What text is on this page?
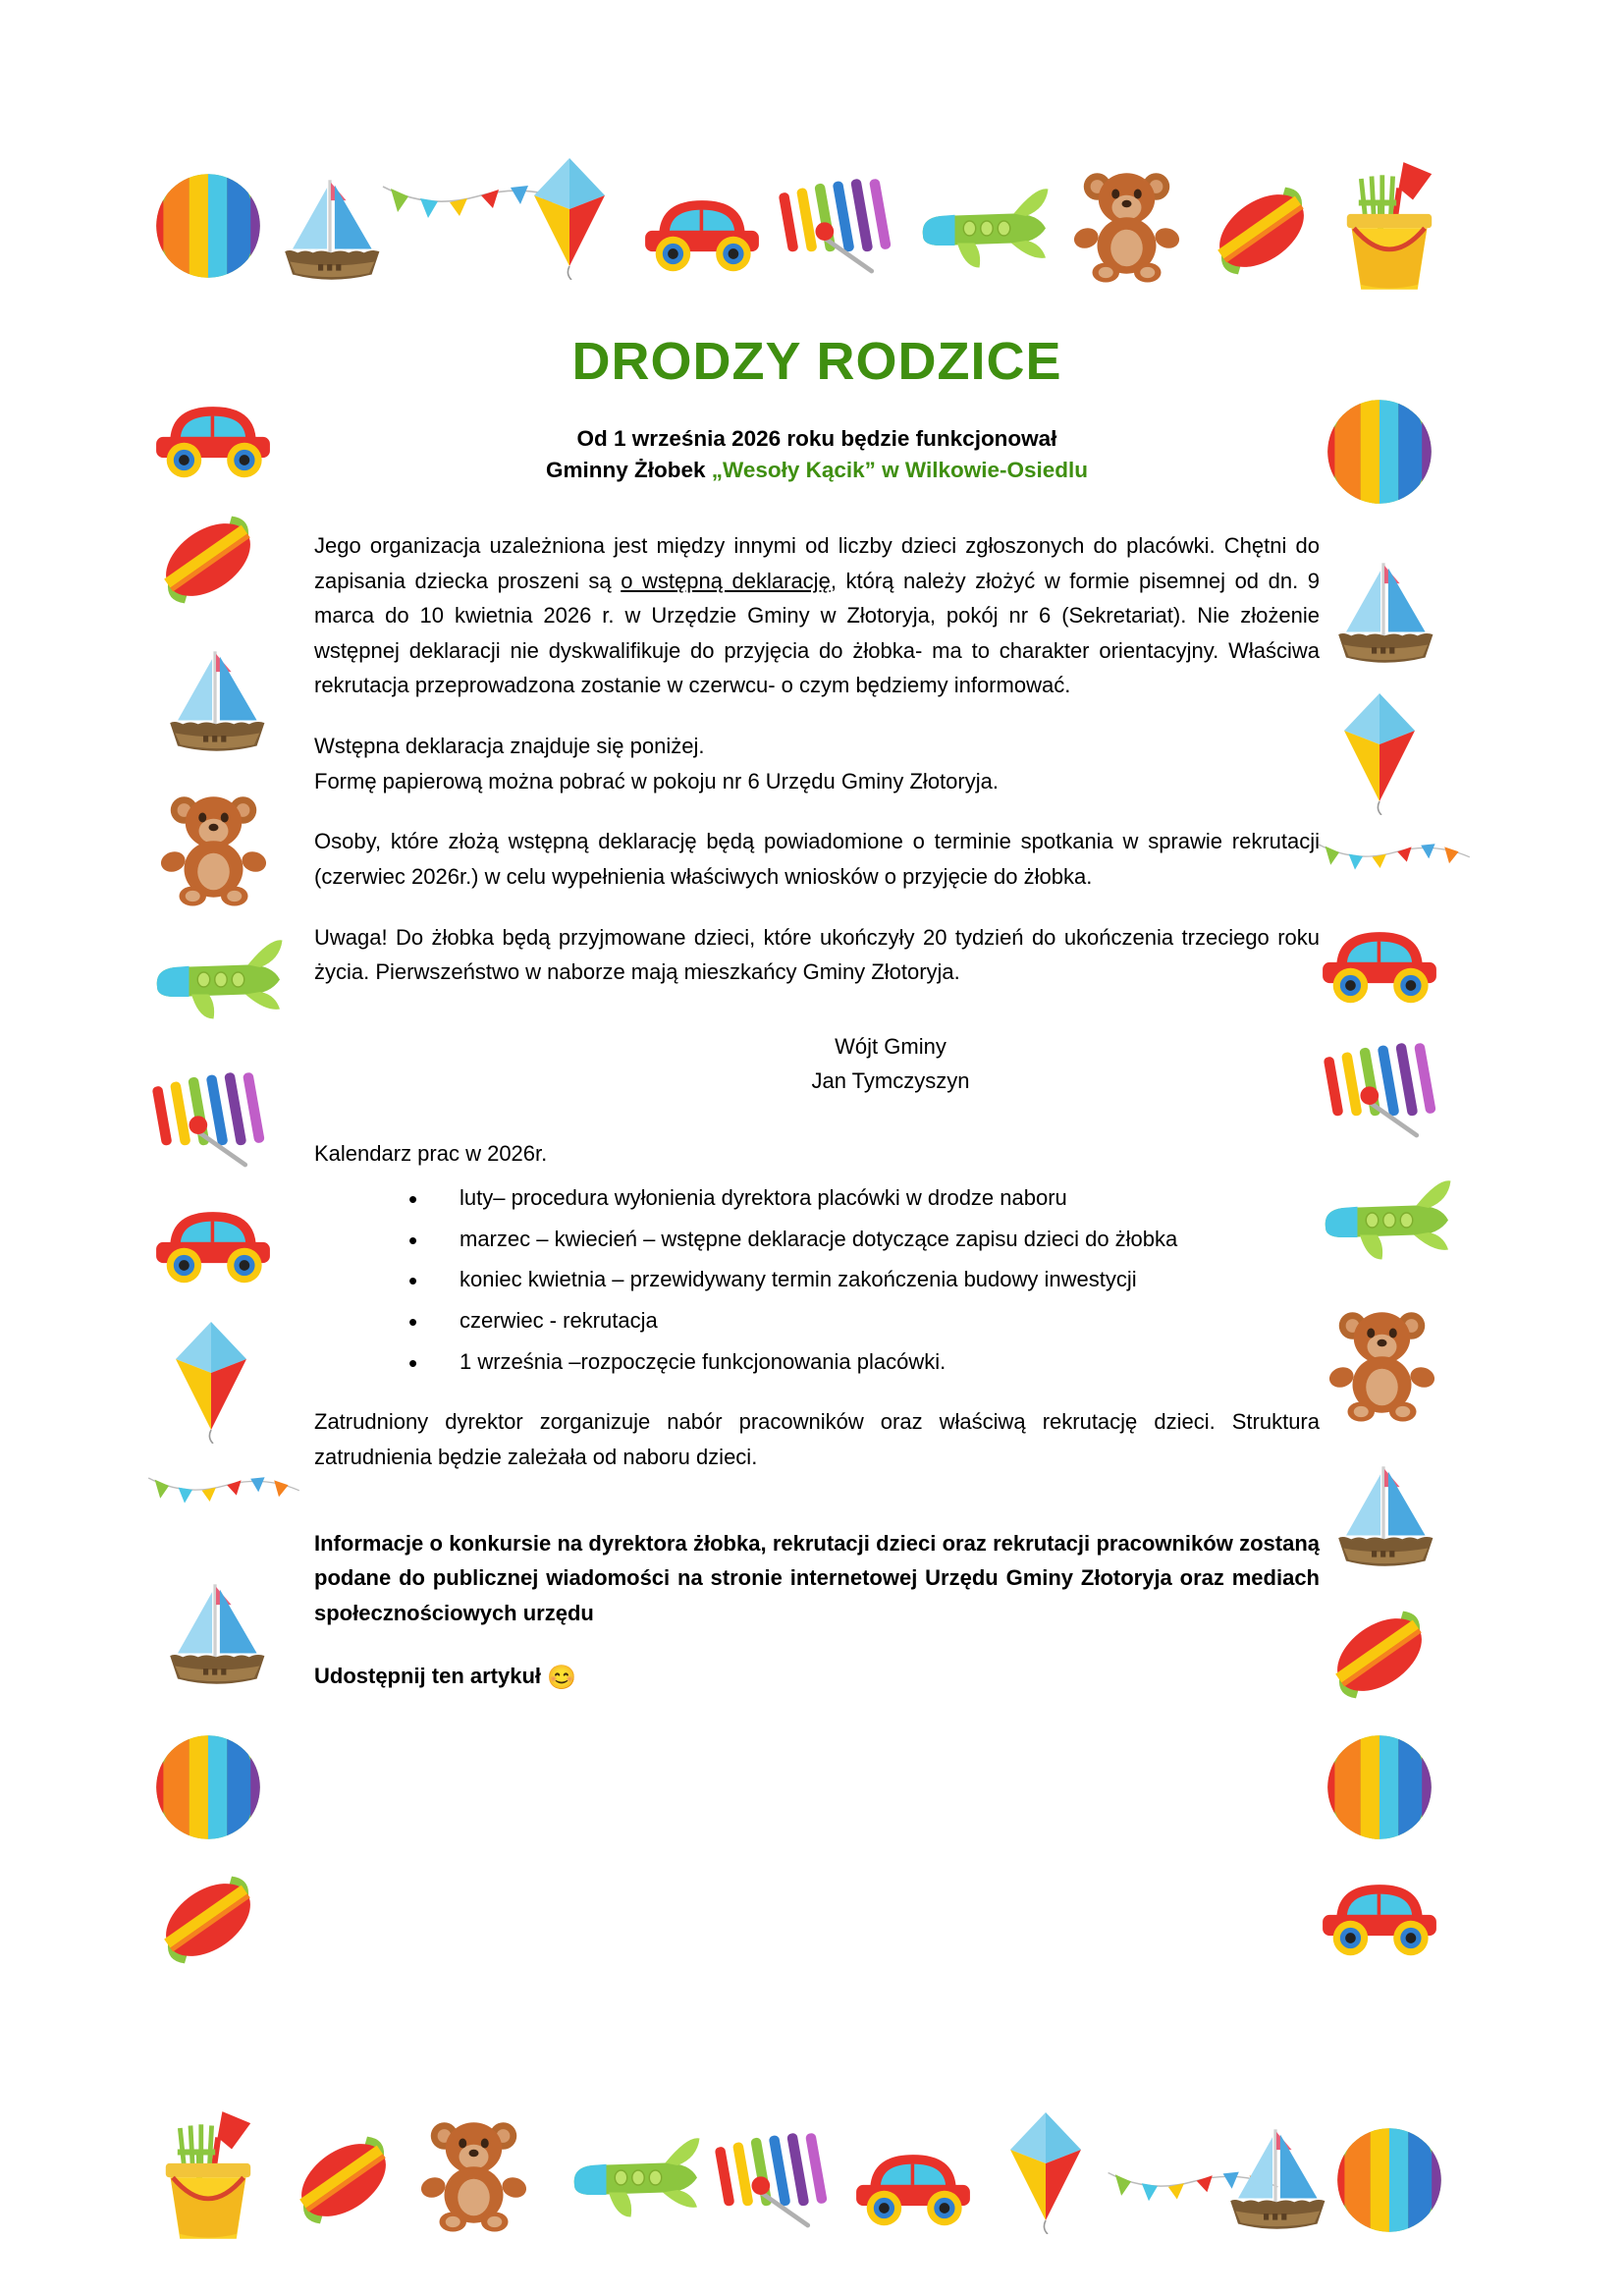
DRODZY RODZICE
Od 1 września 2026 roku będzie funkcjonował
Gminny Żłobek „Wesoły Kącik” w Wilkowie-Osiedlu

Jego organizacja uzależniona jest między innymi od liczby dzieci zgłoszonych do placówki. Chętni do zapisania dziecka proszeni są o wstępną deklarację, którą należy złożyć w formie pisemnej od dn. 9 marca do 10 kwietnia 2026 r. w Urzędzie Gminy w Złotoryja, pokój nr 6 (Sekretariat). Nie złożenie wstępnej deklaracji nie dyskwalifikuje do przyjęcia do żłobka- ma to charakter orientacyjny. Właściwa rekrutacja przeprowadzona zostanie w czerwcu- o czym będziemy informować.

Wstępna deklaracja znajduje się poniżej.

Formę papierową można pobrać w pokoju nr 6 Urzędu Gminy Złotoryja.

Osoby, które złożą wstępną deklarację będą powiadomione o terminie spotkania w sprawie rekrutacji (czerwiec 2026r.) w celu wypełnienia właściwych wniosków o przyjęcie do żłobka.

Uwaga! Do żłobka będą przyjmowane dzieci, które ukończyły 20 tydzień do ukończenia trzeciego roku życia. Pierwszeństwo w naborze mają mieszkańcy Gminy Złotoryja.

Wójt Gminy
Jan Tymczyszyn
Kalendarz prac w 2026r.
• luty– procedura wyłonienia dyrektora placówki w drodze naboru
• marzec – kwiecień – wstępne deklaracje dotyczące zapisu dzieci do żłobka
• koniec kwietnia – przewidywany termin zakończenia budowy inwestycji
• czerwiec - rekrutacja
• 1 września –rozpoczęcie funkcjonowania placówki.

Zatrudniony dyrektor zorganizuje nabór pracowników oraz właściwą rekrutację dzieci. Struktura zatrudnienia będzie zależała od naboru dzieci.

Informacje o konkursie na dyrektora żłobka, rekrutacji dzieci oraz rekrutacji pracowników zostaną podane do publicznej wiadomości na stronie internetowej Urzędu Gminy Złotoryja oraz mediach społecznościowych urzędu

Udostępnij ten artykuł 😊
